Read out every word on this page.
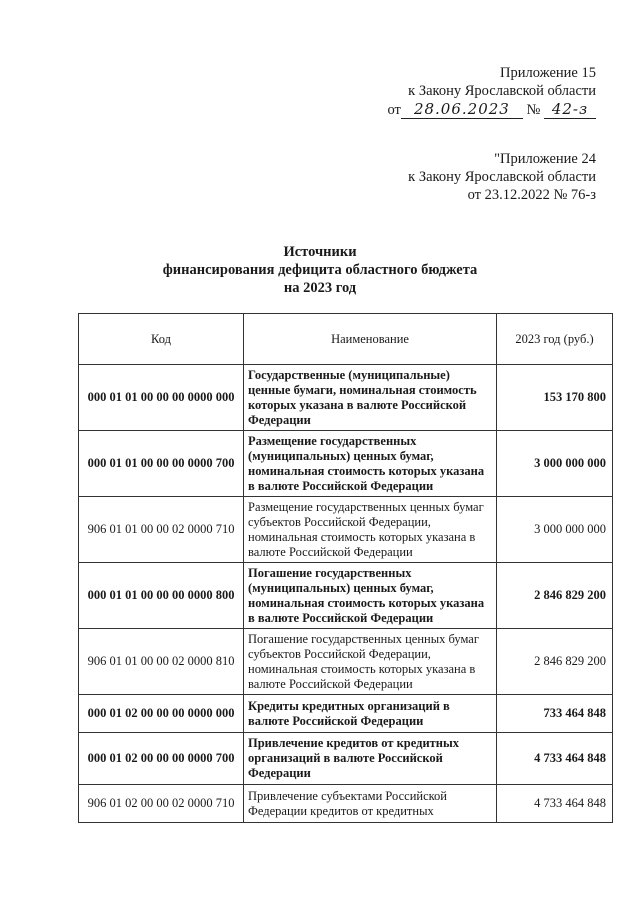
Приложение 15
к Закону Ярославской области
от 28.06.2023 № 42-з
"Приложение 24
к Закону Ярославской области
от 23.12.2022 № 76-з
Источники
финансирования дефицита областного бюджета
на 2023 год
Код	Наименование	2023 год (руб.)
000 01 01 00 00 00 0000 000	Государственные (муниципальные) ценные бумаги, номинальная стоимость которых указана в валюте Российской Федерации	153 170 800
000 01 01 00 00 00 0000 700	Размещение государственных (муниципальных) ценных бумаг, номинальная стоимость которых указана в валюте Российской Федерации	3 000 000 000
906 01 01 00 00 02 0000 710	Размещение государственных ценных бумаг субъектов Российской Федерации, номинальная стоимость которых указана в валюте Российской Федерации	3 000 000 000
000 01 01 00 00 00 0000 800	Погашение государственных (муниципальных) ценных бумаг, номинальная стоимость которых указана в валюте Российской Федерации	2 846 829 200
906 01 01 00 00 02 0000 810	Погашение государственных ценных бумаг субъектов Российской Федерации, номинальная стоимость которых указана в валюте Российской Федерации	2 846 829 200
000 01 02 00 00 00 0000 000	Кредиты кредитных организаций в валюте Российской Федерации	733 464 848
000 01 02 00 00 00 0000 700	Привлечение кредитов от кредитных организаций в валюте Российской Федерации	4 733 464 848
906 01 02 00 00 02 0000 710	Привлечение субъектами Российской Федерации кредитов от кредитных	4 733 464 848
